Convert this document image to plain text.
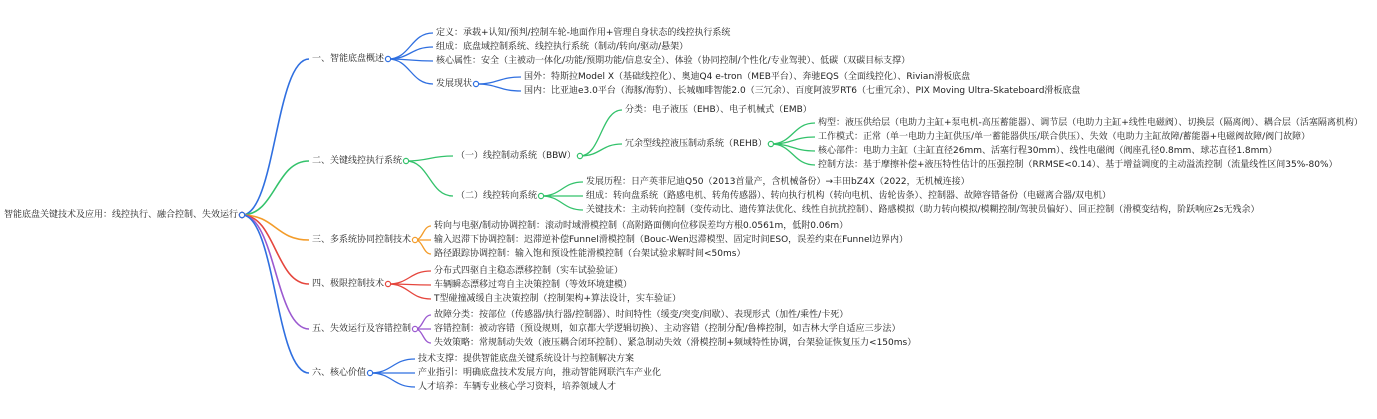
智能底盘关键技术及应用：线控执行、融合控制、失效运行
一、智能底盘概述
定义：承载+认知/预判/控制车轮-地面作用+管理自身状态的线控执行系统
组成：底盘域控制系统、线控执行系统（制动/转向/驱动/悬架）
核心属性：安全（主被动一体化/功能/预期功能/信息安全）、体验（协同控制/个性化/专业驾驶）、低碳（双碳目标支撑）
发展现状
国外：特斯拉Model X（基础线控化）、奥迪Q4 e-tron（MEB平台）、奔驰EQS（全面线控化）、Rivian滑板底盘
国内：比亚迪e3.0平台（海豚/海豹）、长城咖啡智能2.0（三冗余）、百度阿波罗RT6（七重冗余）、PIX Moving Ultra-Skateboard滑板底盘
二、关键线控执行系统	（一）线控制动系统（BBW）
分类：电子液压（EHB）、电子机械式（EMB）
冗余型线控液压制动系统（REHB）
构型：液压供给层（电助力主缸+泵电机-高压蓄能器）、调节层（电助力主缸+线性电磁阀）、切换层（隔离阀）、耦合层（活塞隔离机构）
工作模式：正常（单一电助力主缸供压/单一蓄能器供压/联合供压）、失效（电助力主缸故障/蓄能器+电磁阀故障/阀门故障）
核心部件：电助力主缸（主缸直径26mm、活塞行程30mm）、线性电磁阀（阀座孔径0.8mm、球芯直径1.8mm）
控制方法：基于摩擦补偿+液压特性估计的压强控制（RRMSE<0.14）、基于增益调度的主动溢流控制（流量线性区间35%-80%）
（二）线控转向系统
发展历程：日产英菲尼迪Q50（2013首量产，含机械备份）→丰田bZ4X（2022，无机械连接）
组成：转向盘系统（路感电机、转角传感器）、转向执行机构（转向电机、齿轮齿条）、控制器、故障容错备份（电磁离合器/双电机）
关键技术：主动转向控制（变传动比、遗传算法优化、线性自抗扰控制）、路感模拟（助力转向模拟/模糊控制/驾驶员偏好）、回正控制（滑模变结构，阶跃响应2s无残余）
三、多系统协同控制技术
转向与电驱/制动协调控制：滚动时域滑模控制（高附路面侧向位移误差均方根0.0561m，低附0.06m）
输入迟滞下协调控制：迟滞逆补偿Funnel滑模控制（Bouc-Wen迟滞模型、固定时间ESO，误差约束在Funnel边界内）
路径跟踪协调控制：输入饱和预设性能滑模控制（台架试验求解时间<50ms）
四、极限控制技术
分布式四驱自主稳态漂移控制（实车试验验证）
车辆瞬态漂移过弯自主决策控制（等效环境建模）
T型碰撞减缓自主决策控制（控制架构+算法设计，实车验证）
五、失效运行及容错控制
故障分类：按部位（传感器/执行器/控制器）、时间特性（缓变/突变/间歇）、表现形式（加性/乘性/卡死）
容错控制：被动容错（预设规则，如京都大学逻辑切换）、主动容错（控制分配/鲁棒控制，如吉林大学自适应三步法）
失效策略：常规制动失效（液压耦合闭环控制）、紧急制动失效（滑模控制+频域特性协调，台架验证恢复压力<150ms）
六、核心价值
技术支撑：提供智能底盘关键系统设计与控制解决方案
产业指引：明确底盘技术发展方向，推动智能网联汽车产业化
人才培养：车辆专业核心学习资料，培养领域人才
